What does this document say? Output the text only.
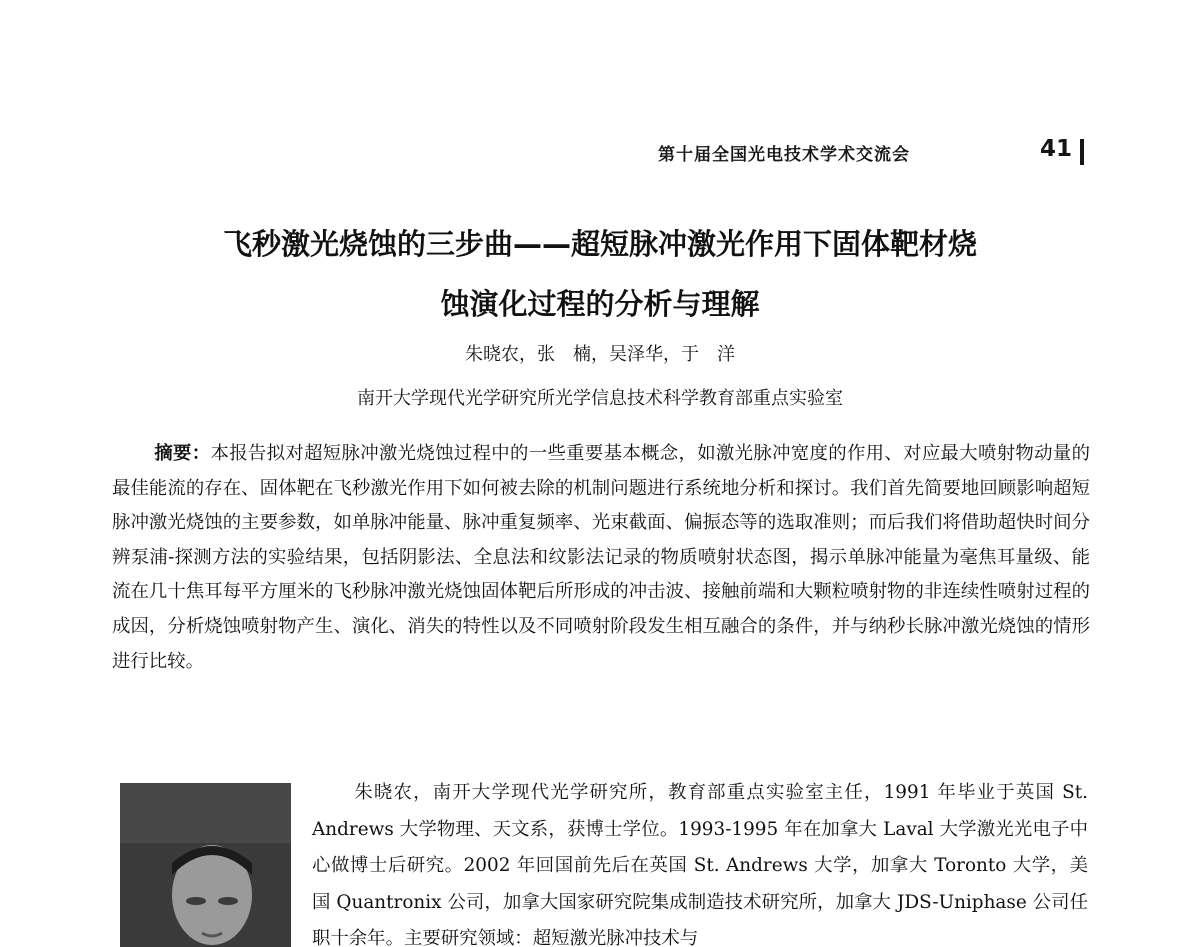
第十届全国光电技术学术交流会	41
飞秒激光烧蚀的三步曲——超短脉冲激光作用下固体靶材烧
蚀演化过程的分析与理解
朱晓农，张　楠，吴泽华，于　洋
南开大学现代光学研究所光学信息技术科学教育部重点实验室
摘要：本报告拟对超短脉冲激光烧蚀过程中的一些重要基本概念，如激光脉冲宽度的作用、对应最大喷射物动量的最佳能流的存在、固体靶在飞秒激光作用下如何被去除的机制问题进行系统地分析和探讨。我们首先简要地回顾影响超短脉冲激光烧蚀的主要参数，如单脉冲能量、脉冲重复频率、光束截面、偏振态等的选取准则；而后我们将借助超快时间分辨泵浦-探测方法的实验结果，包括阴影法、全息法和纹影法记录的物质喷射状态图，揭示单脉冲能量为毫焦耳量级、能流在几十焦耳每平方厘米的飞秒脉冲激光烧蚀固体靶后所形成的冲击波、接触前端和大颗粒喷射物的非连续性喷射过程的成因，分析烧蚀喷射物产生、演化、消失的特性以及不同喷射阶段发生相互融合的条件，并与纳秒长脉冲激光烧蚀的情形进行比较。
朱晓农，南开大学现代光学研究所，教育部重点实验室主任，1991 年毕业于英国 St. Andrews 大学物理、天文系，获博士学位。1993-1995 年在加拿大 Laval 大学激光光电子中心做博士后研究。2002 年回国前先后在英国 St. Andrews 大学，加拿大 Toronto 大学，美国 Quantronix 公司，加拿大国家研究院集成制造技术研究所，加拿大 JDS-Uniphase 公司任职十余年。主要研究领域：超短激光脉冲技术与
